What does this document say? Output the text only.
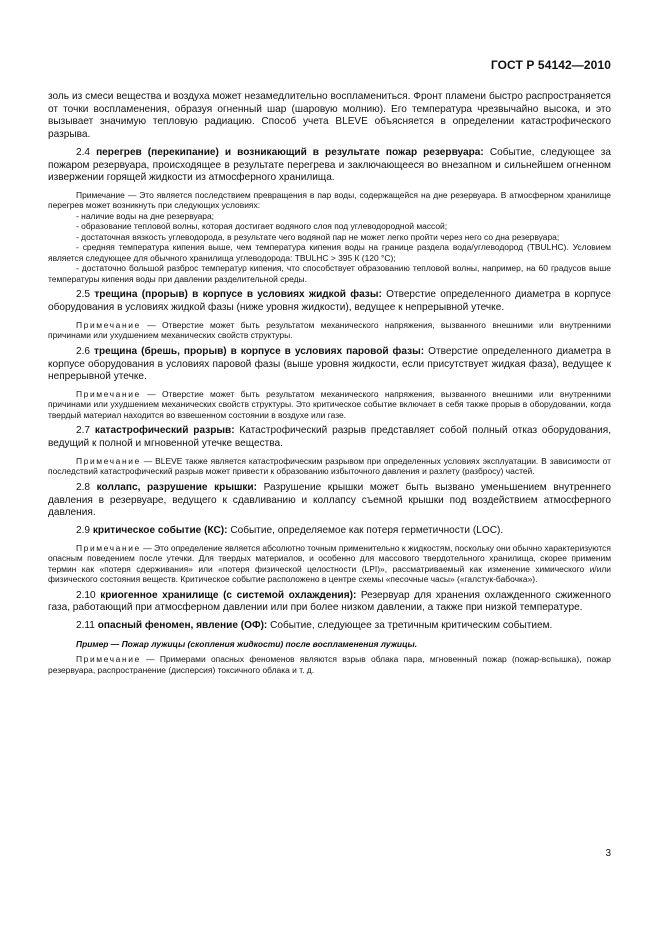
ГОСТ Р 54142—2010

золь из смеси вещества и воздуха может незамедлительно воспламениться. Фронт пламени быстро распространяется от точки воспламенения, образуя огненный шар (шаровую молнию). Его температура чрезвычайно высока, и это вызывает значимую тепловую радиацию. Способ учета BLEVE объясняется в определении катастрофического разрыва.

2.4 перегрев (перекипание) и возникающий в результате пожар резервуара: Событие, следующее за пожаром резервуара, происходящее в результате перегрева и заключающееся во внезапном и сильнейшем огненном извержении горящей жидкости из атмосферного хранилища.

Примечание — Это является последствием превращения в пар воды, содержащейся на дне резервуара. В атмосферном хранилище перегрев может возникнуть при следующих условиях:

- наличие воды на дне резервуара;

- образование тепловой волны, которая достигает водяного слоя под углеводородной массой;

- достаточная вязкость углеводорода, в результате чего водяной пар не может легко пройти через него со дна резервуара;

- средняя температура кипения выше, чем температура кипения воды на границе раздела вода/углеводород (TBULHC). Условием является следующее для обычного хранилища углеводорода: TBULHC > 395 К (120 °С);

- достаточно большой разброс температур кипения, что способствует образованию тепловой волны, например, на 60 градусов выше температуры кипения воды при давлении разделительной среды.

2.5 трещина (прорыв) в корпусе в условиях жидкой фазы: Отверстие определенного диаметра в корпусе оборудования в условиях жидкой фазы (ниже уровня жидкости), ведущее к непрерывной утечке.

Примечание — Отверстие может быть результатом механического напряжения, вызванного внешними или внутренними причинами или ухудшением механических свойств структуры.

2.6 трещина (брешь, прорыв) в корпусе в условиях паровой фазы: Отверстие определенного диаметра в корпусе оборудования в условиях паровой фазы (выше уровня жидкости, если присутствует жидкая фаза), ведущее к непрерывной утечке.

Примечание — Отверстие может быть результатом механического напряжения, вызванного внешними или внутренними причинами или ухудшением механических свойств структуры. Это критическое событие включает в себя также прорыв в оборудовании, когда твердый материал находится во взвешенном состоянии в воздухе или газе.

2.7 катастрофический разрыв: Катастрофический разрыв представляет собой полный отказ оборудования, ведущий к полной и мгновенной утечке вещества.

Примечание — BLEVE также является катастрофическим разрывом при определенных условиях эксплуатации. В зависимости от последствий катастрофический разрыв может привести к образованию избыточного давления и разлету (разбросу) частей.

2.8 коллапс, разрушение крышки: Разрушение крышки может быть вызвано уменьшением внутреннего давления в резервуаре, ведущего к сдавливанию и коллапсу съемной крышки под воздействием атмосферного давления.

2.9 критическое событие (КС): Событие, определяемое как потеря герметичности (LOC).

Примечание — Это определение является абсолютно точным применительно к жидкостям, поскольку они обычно характеризуются опасным поведением после утечки. Для твердых материалов, и особенно для массового твердотельного хранилища, скорее применим термин как «потеря сдерживания» или «потеря физической целостности (LPI)», рассматриваемый как изменение химического и/или физического состояния веществ. Критическое событие расположено в центре схемы «песочные часы» («галстук-бабочка»).

2.10 криогенное хранилище (с системой охлаждения): Резервуар для хранения охлажденного сжиженного газа, работающий при атмосферном давлении или при более низком давлении, а также при низкой температуре.

2.11 опасный феномен, явление (ОФ): Событие, следующее за третичным критическим событием.

Пример — Пожар лужицы (скопления жидкости) после воспламенения лужицы.

Примечание — Примерами опасных феноменов являются взрыв облака пара, мгновенный пожар (пожар-вспышка), пожар резервуара, распространение (дисперсия) токсичного облака и т. д.

3
